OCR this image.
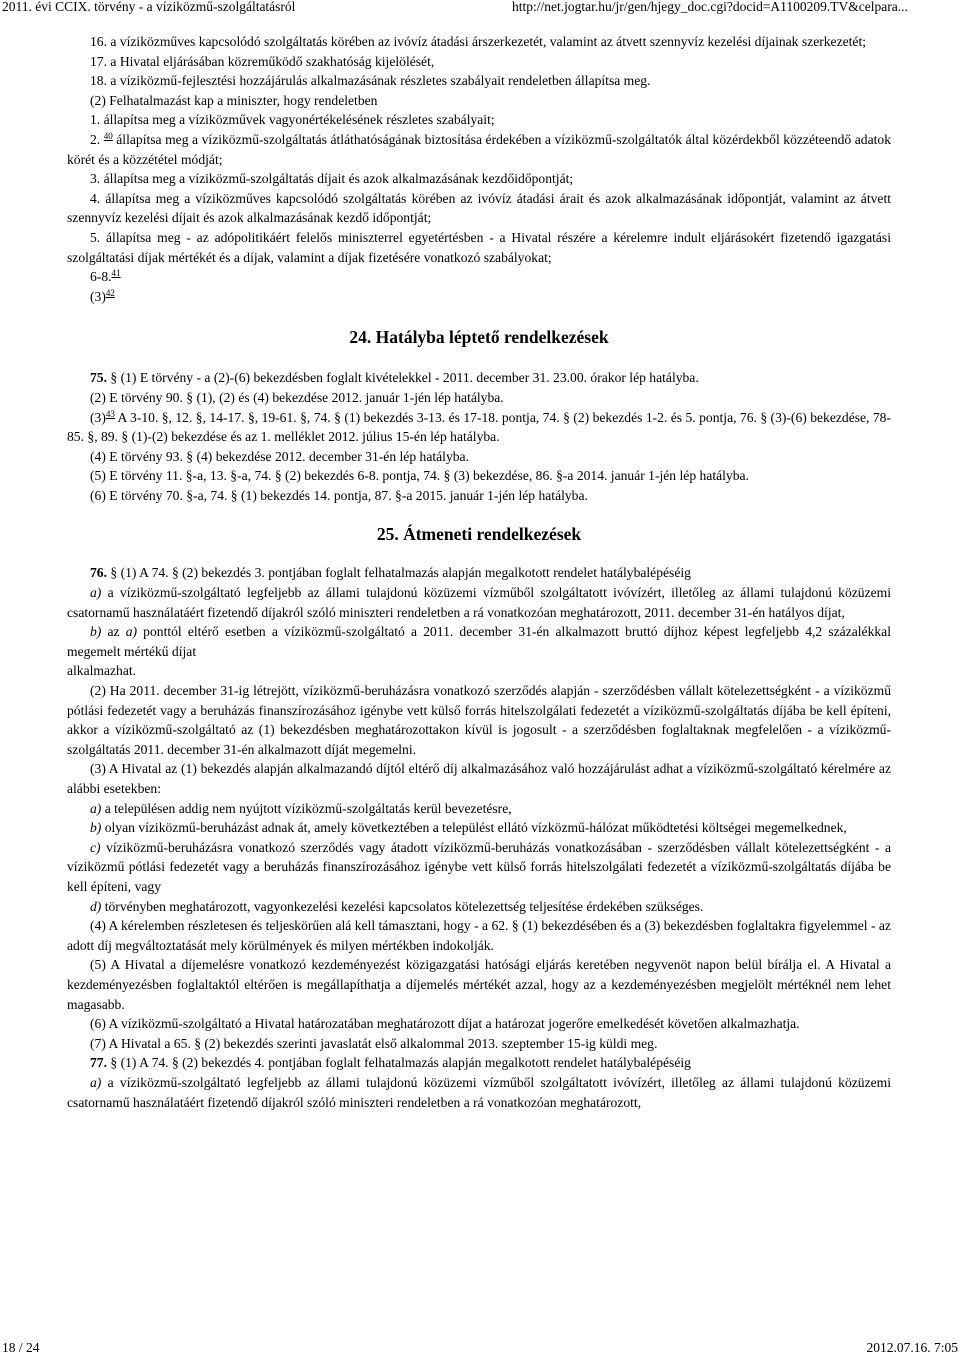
2011. évi CCIX. törvény - a víziközmű-szolgáltatásról	http://net.jogtar.hu/jr/gen/hjegy_doc.cgi?docid=A1100209.TV&celpara...

16. a víziközműves kapcsolódó szolgáltatás körében az ivóvíz átadási árszerkezetét, valamint az átvett szennyvíz kezelési díjainak szerkezetét;

17. a Hivatal eljárásában közreműködő szakhatóság kijelölését,

18. a víziközmű-fejlesztési hozzájárulás alkalmazásának részletes szabályait rendeletben állapítsa meg.

(2) Felhatalmazást kap a miniszter, hogy rendeletben

1. állapítsa meg a víziközművek vagyonértékelésének részletes szabályait;

2. $^{40}$ állapítsa meg a víziközmű-szolgáltatás átláthatóságának biztosítása érdekében a víziközmű-szolgáltatók által közérdekből közzéteendő adatok körét és a közzététel módját;

3. állapítsa meg a víziközmű-szolgáltatás díjait és azok alkalmazásának kezdőidőpontját;

4. állapítsa meg a víziközműves kapcsolódó szolgáltatás körében az ivóvíz átadási árait és azok alkalmazásának időpontját, valamint az átvett szennyvíz kezelési díjait és azok alkalmazásának kezdő időpontját;

5. állapítsa meg - az adópolitikáért felelős miniszterrel egyetértésben - a Hivatal részére a kérelemre indult eljárásokért fizetendő igazgatási szolgáltatási díjak mértékét és a díjak, valamint a díjak fizetésére vonatkozó szabályokat;

6-8.41

$(3)^{42}$

24. Hatályba léptető rendelkezések

75. § (1) E törvény - a (2)-(6) bekezdésben foglalt kivételekkel - 2011. december 31. 23.00. órakor lép hatályba.

(2) E törvény 90. § (1), (2) és (4) bekezdése 2012. január 1-jén lép hatályba.

$(3)^{43}$ A 3-10. §, 12. §, 14-17. §, 19-61. §, 74. § (1) bekezdés 3-13. és 17-18. pontja, 74. § (2) bekezdés 1-2. és 5. pontja, 76. § (3)-(6) bekezdése, 78-85. §, 89. § (1)-(2) bekezdése és az 1. melléklet 2012. július 15-én lép hatályba.

(4) E törvény 93. § (4) bekezdése 2012. december 31-én lép hatályba.

(5) E törvény 11. §-a, 13. §-a, 74. § (2) bekezdés 6-8. pontja, 74. § (3) bekezdése, 86. §-a 2014. január 1-jén lép hatályba.

(6) E törvény 70. §-a, 74. § (1) bekezdés 14. pontja, 87. §-a 2015. január 1-jén lép hatályba.

25. Átmeneti rendelkezések

76. § (1) A 74. § (2) bekezdés 3. pontjában foglalt felhatalmazás alapján megalkotott rendelet hatálybalépéséig

a) a víziközmű-szolgáltató legfeljebb az állami tulajdonú közüzemi vízműből szolgáltatott ivóvízért, illetőleg az állami tulajdonú közüzemi csatornamű használatáért fizetendő díjakról szóló miniszteri rendeletben a rá vonatkozóan meghatározott, 2011. december 31-én hatályos díjat,

b) az a) ponttól eltérő esetben a víziközmű-szolgáltató a 2011. december 31-én alkalmazott bruttó díjhoz képest legfeljebb 4,2 százalékkal megemelt mértékű díjat

alkalmazhat.

(2) Ha 2011. december 31-ig létrejött, víziközmű-beruházásra vonatkozó szerződés alapján - szerződésben vállalt kötelezettségként - a víziközmű pótlási fedezetét vagy a beruházás finanszírozásához igénybe vett külső forrás hitelszolgálati fedezetét a víziközmű-szolgáltatás díjába be kell építeni, akkor a víziközmű-szolgáltató az (1) bekezdésben meghatározottakon kívül is jogosult - a szerződésben foglaltaknak megfelelően - a víziközmű-szolgáltatás 2011. december 31-én alkalmazott díját megemelni.

(3) A Hivatal az (1) bekezdés alapján alkalmazandó díjtól eltérő díj alkalmazásához való hozzájárulást adhat a víziközmű-szolgáltató kérelmére az alábbi esetekben:

a) a településen addig nem nyújtott víziközmű-szolgáltatás kerül bevezetésre,

b) olyan víziközmű-beruházást adnak át, amely következtében a települést ellátó vízközmű-hálózat működtetési költségei megemelkednek,

c) víziközmű-beruházásra vonatkozó szerződés vagy átadott víziközmű-beruházás vonatkozásában - szerződésben vállalt kötelezettségként - a víziközmű pótlási fedezetét vagy a beruházás finanszírozásához igénybe vett külső forrás hitelszolgálati fedezetét a víziközmű-szolgáltatás díjába be kell építeni, vagy

d) törvényben meghatározott, vagyonkezelési kezelési kapcsolatos kötelezettség teljesítése érdekében szükséges.

(4) A kérelemben részletesen és teljeskörűen alá kell támasztani, hogy - a 62. § (1) bekezdésében és a (3) bekezdésben foglaltakra figyelemmel - az adott díj megváltoztatását mely körülmények és milyen mértékben indokolják.

(5) A Hivatal a díjemelésre vonatkozó kezdeményezést közigazgatási hatósági eljárás keretében negyvenöt napon belül bírálja el. A Hivatal a kezdeményezésben foglaltaktól eltérően is megállapíthatja a díjemelés mértékét azzal, hogy az a kezdeményezésben megjelölt mértéknél nem lehet magasabb.

(6) A víziközmű-szolgáltató a Hivatal határozatában meghatározott díjat a határozat jogerőre emelkedését követően alkalmazhatja.

(7) A Hivatal a 65. § (2) bekezdés szerinti javaslatát első alkalommal 2013. szeptember 15-ig küldi meg.

77. § (1) A 74. § (2) bekezdés 4. pontjában foglalt felhatalmazás alapján megalkotott rendelet hatálybalépéséig

a) a víziközmű-szolgáltató legfeljebb az állami tulajdonú közüzemi vízműből szolgáltatott ivóvízért, illetőleg az állami tulajdonú közüzemi csatornamű használatáért fizetendő díjakról szóló miniszteri rendeletben a rá vonatkozóan meghatározott,

18 / 24	2012.07.16. 7:05
